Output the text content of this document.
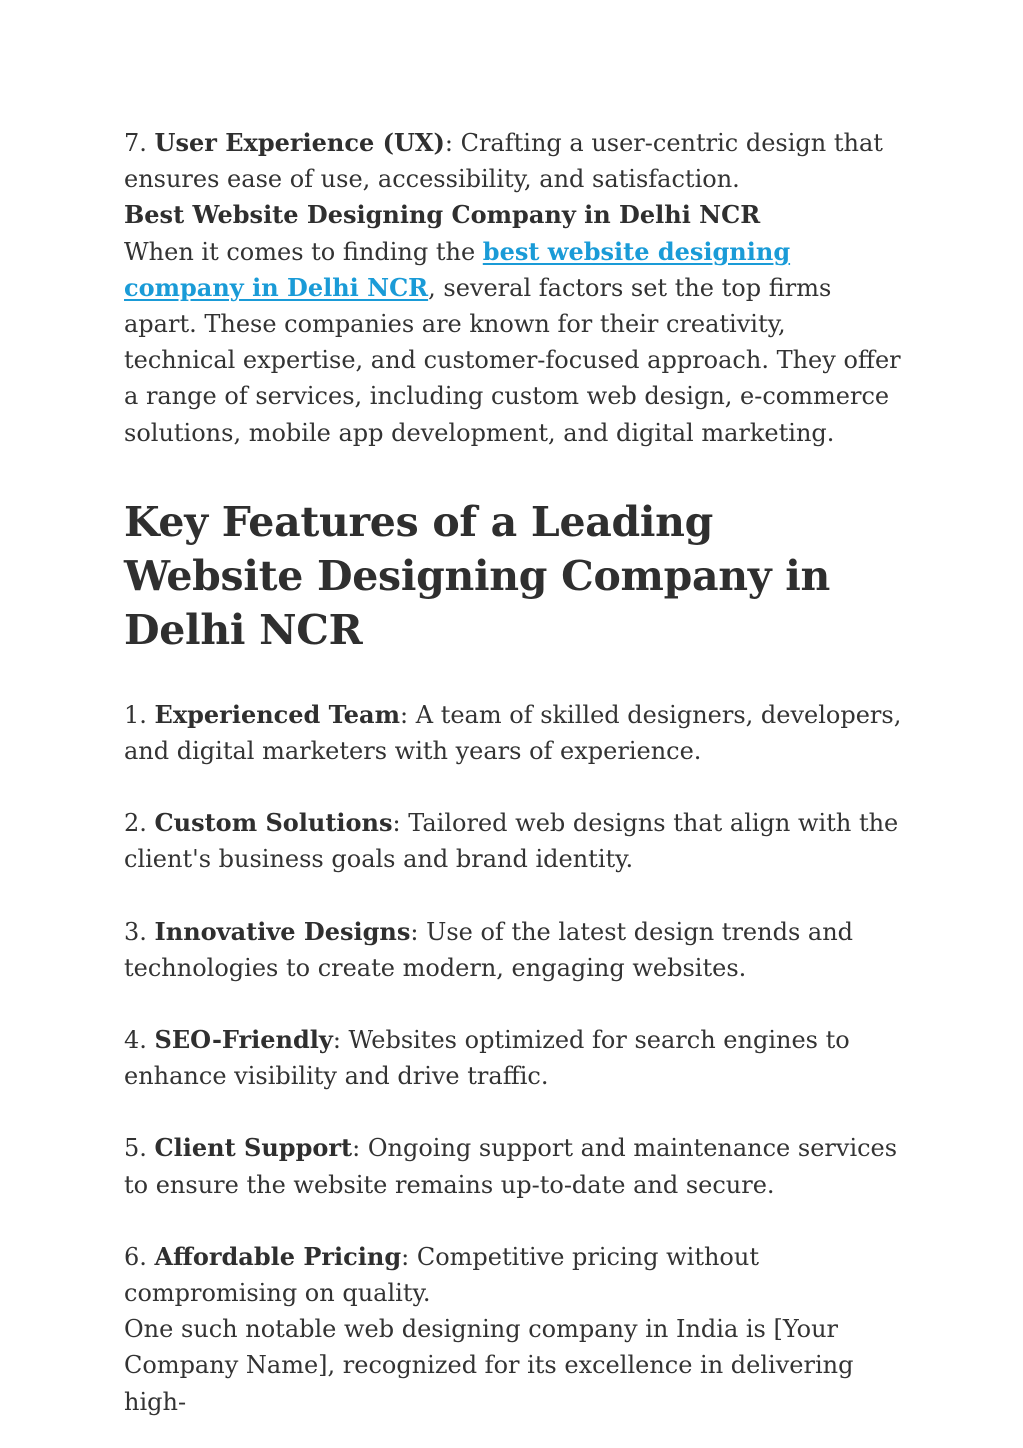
7. User Experience (UX): Crafting a user-centric design that ensures ease of use, accessibility, and satisfaction.

Best Website Designing Company in Delhi NCR

When it comes to finding the best website designing company in Delhi NCR, several factors set the top firms apart. These companies are known for their creativity, technical expertise, and customer-focused approach. They offer a range of services, including custom web design, e-commerce solutions, mobile app development, and digital marketing.

Key Features of a Leading Website Designing Company in Delhi NCR

1. Experienced Team: A team of skilled designers, developers, and digital marketers with years of experience.

2. Custom Solutions: Tailored web designs that align with the client's business goals and brand identity.

3. Innovative Designs: Use of the latest design trends and technologies to create modern, engaging websites.

4. SEO-Friendly: Websites optimized for search engines to enhance visibility and drive traffic.

5. Client Support: Ongoing support and maintenance services to ensure the website remains up-to-date and secure.

6. Affordable Pricing: Competitive pricing without compromising on quality.

One such notable web designing company in India is [Your Company Name], recognized for its excellence in delivering high-
